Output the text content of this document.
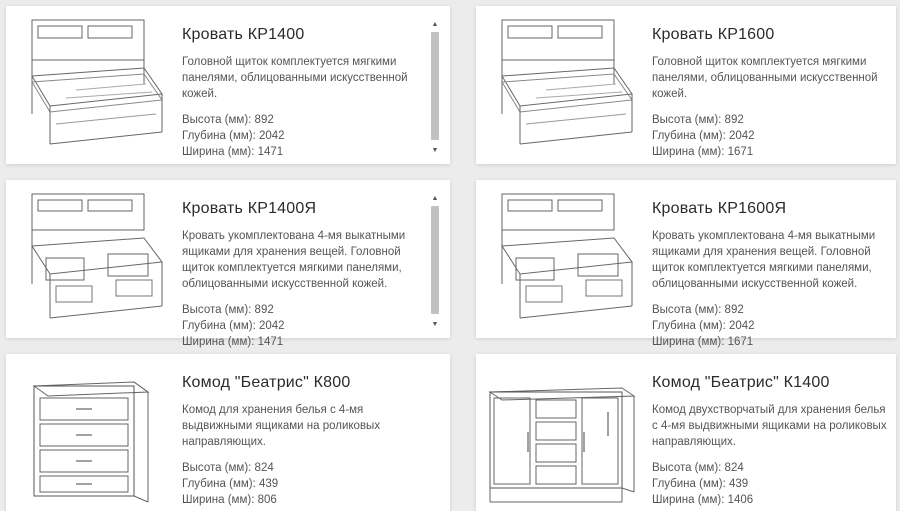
Кровать КР1400

Головной щиток комплектуется мягкими панелями, облицованными искусственной кожей.

Высота (мм): 892

Глубина (мм): 2042

Ширина (мм): 1471

▲
▼
Кровать КР1600

Головной щиток комплектуется мягкими панелями, облицованными искусственной кожей.

Высота (мм): 892

Глубина (мм): 2042

Ширина (мм): 1671

Кровать КР1400Я

Кровать укомплектована 4-мя выкатными ящиками для хранения вещей. Головной щиток комплектуется мягкими панелями, облицованными искусственной кожей.

Высота (мм): 892

Глубина (мм): 2042

Ширина (мм): 1471

▲
▼
Кровать КР1600Я

Кровать укомплектована 4-мя выкатными ящиками для хранения вещей. Головной щиток комплектуется мягкими панелями, облицованными искусственной кожей.

Высота (мм): 892

Глубина (мм): 2042

Ширина (мм): 1671

Комод "Беатрис" К800

Комод для хранения белья с 4-мя выдвижными ящиками на роликовых направляющих.

Высота (мм): 824

Глубина (мм): 439

Ширина (мм): 806

Комод "Беатрис" К1400

Комод двухстворчатый для хранения белья с 4-мя выдвижными ящиками на роликовых направляющих.

Высота (мм): 824

Глубина (мм): 439

Ширина (мм): 1406
